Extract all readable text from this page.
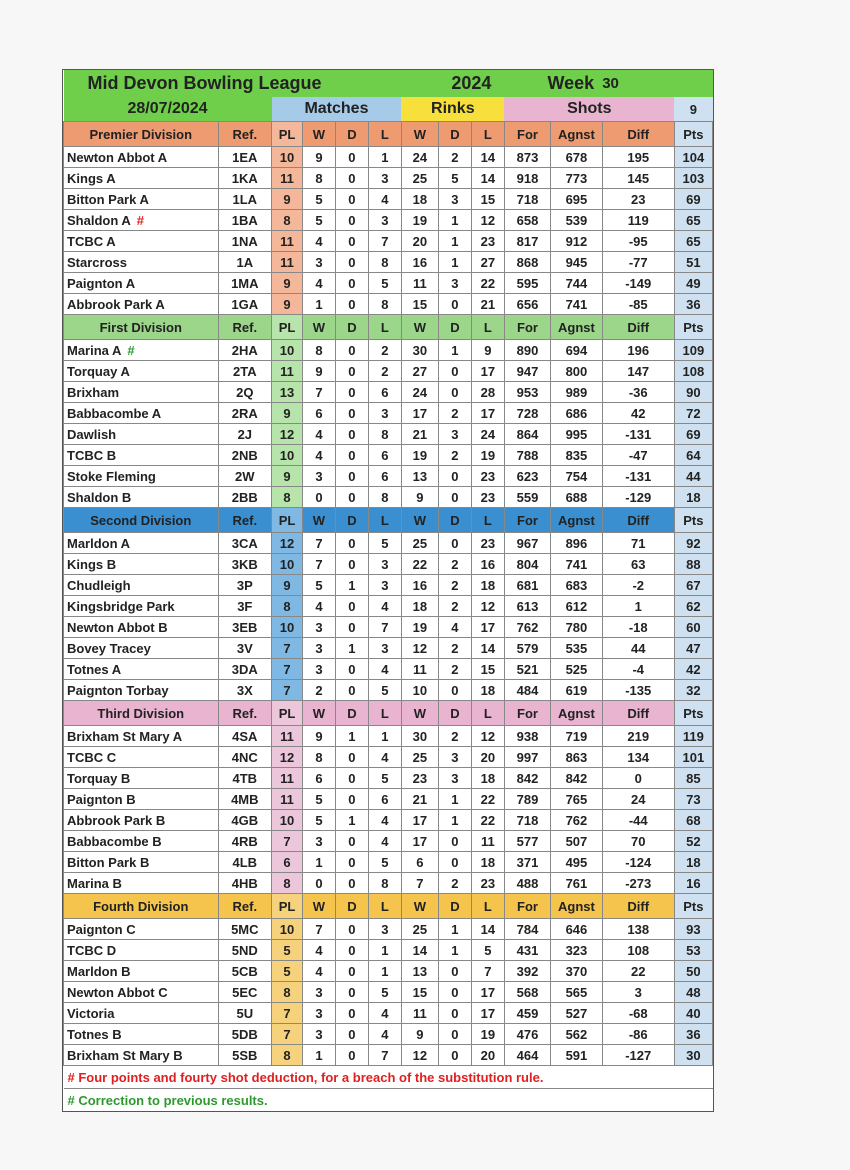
Mid Devon Bowling League							2024		Week		30	
28/07/2024		Matches				Rinks			Shots			9
Premier Division	Ref.	PL	W	D	L	W	D	L	For	Agnst	Diff	Pts
Newton Abbot A	1EA	10	9	0	1	24	2	14	873	678	195	104
Kings A	1KA	11	8	0	3	25	5	14	918	773	145	103
Bitton Park A	1LA	9	5	0	4	18	3	15	718	695	23	69
Shaldon A #	1BA	8	5	0	3	19	1	12	658	539	119	65
TCBC A	1NA	11	4	0	7	20	1	23	817	912	-95	65
Starcross	1A	11	3	0	8	16	1	27	868	945	-77	51
Paignton A	1MA	9	4	0	5	11	3	22	595	744	-149	49
Abbrook Park A	1GA	9	1	0	8	15	0	21	656	741	-85	36
First Division	Ref.	PL	W	D	L	W	D	L	For	Agnst	Diff	Pts
Marina A #	2HA	10	8	0	2	30	1	9	890	694	196	109
Torquay A	2TA	11	9	0	2	27	0	17	947	800	147	108
Brixham	2Q	13	7	0	6	24	0	28	953	989	-36	90
Babbacombe A	2RA	9	6	0	3	17	2	17	728	686	42	72
Dawlish	2J	12	4	0	8	21	3	24	864	995	-131	69
TCBC B	2NB	10	4	0	6	19	2	19	788	835	-47	64
Stoke Fleming	2W	9	3	0	6	13	0	23	623	754	-131	44
Shaldon B	2BB	8	0	0	8	9	0	23	559	688	-129	18
Second Division	Ref.	PL	W	D	L	W	D	L	For	Agnst	Diff	Pts
Marldon A	3CA	12	7	0	5	25	0	23	967	896	71	92
Kings B	3KB	10	7	0	3	22	2	16	804	741	63	88
Chudleigh	3P	9	5	1	3	16	2	18	681	683	-2	67
Kingsbridge Park	3F	8	4	0	4	18	2	12	613	612	1	62
Newton Abbot B	3EB	10	3	0	7	19	4	17	762	780	-18	60
Bovey Tracey	3V	7	3	1	3	12	2	14	579	535	44	47
Totnes A	3DA	7	3	0	4	11	2	15	521	525	-4	42
Paignton Torbay	3X	7	2	0	5	10	0	18	484	619	-135	32
Third Division	Ref.	PL	W	D	L	W	D	L	For	Agnst	Diff	Pts
Brixham St Mary A	4SA	11	9	1	1	30	2	12	938	719	219	119
TCBC C	4NC	12	8	0	4	25	3	20	997	863	134	101
Torquay B	4TB	11	6	0	5	23	3	18	842	842	0	85
Paignton B	4MB	11	5	0	6	21	1	22	789	765	24	73
Abbrook Park B	4GB	10	5	1	4	17	1	22	718	762	-44	68
Babbacombe B	4RB	7	3	0	4	17	0	11	577	507	70	52
Bitton Park B	4LB	6	1	0	5	6	0	18	371	495	-124	18
Marina B	4HB	8	0	0	8	7	2	23	488	761	-273	16
Fourth Division	Ref.	PL	W	D	L	W	D	L	For	Agnst	Diff	Pts
Paignton C	5MC	10	7	0	3	25	1	14	784	646	138	93
TCBC D	5ND	5	4	0	1	14	1	5	431	323	108	53
Marldon B	5CB	5	4	0	1	13	0	7	392	370	22	50
Newton Abbot C	5EC	8	3	0	5	15	0	17	568	565	3	48
Victoria	5U	7	3	0	4	11	0	17	459	527	-68	40
Totnes B	5DB	7	3	0	4	9	0	19	476	562	-86	36
Brixham St Mary B	5SB	8	1	0	7	12	0	20	464	591	-127	30
# Four points and fourty shot deduction, for a breach of the substitution rule.												
# Correction to previous results.												
